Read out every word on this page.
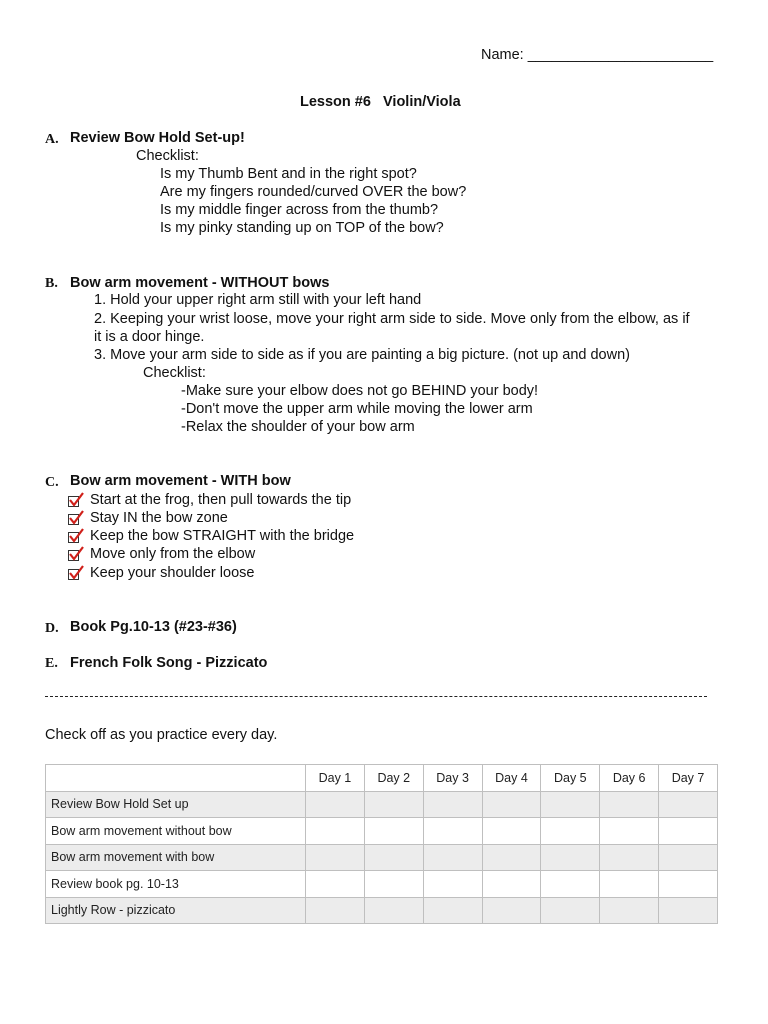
Name: _______________________
Lesson #6   Violin/Viola
A. Review Bow Hold Set-up!
Checklist:
Is my Thumb Bent and in the right spot?
Are my fingers rounded/curved OVER the bow?
Is my middle finger across from the thumb?
Is my pinky standing up on TOP of the bow?
B. Bow arm movement - WITHOUT bows
1. Hold your upper right arm still with your left hand
2. Keeping your wrist loose, move your right arm side to side. Move only from the elbow, as if
it is a door hinge.
3. Move your arm side to side as if you are painting a big picture. (not up and down)
Checklist:
-Make sure your elbow does not go BEHIND your body!
-Don't move the upper arm while moving the lower arm
-Relax the shoulder of your bow arm
C. Bow arm movement - WITH bow
Start at the frog, then pull towards the tip
Stay IN the bow zone
Keep the bow STRAIGHT with the bridge
Move only from the elbow
Keep your shoulder loose
D. Book Pg.10-13 (#23-#36)
E. French Folk Song - Pizzicato
Check off as you practice every day.
	Day 1	Day 2	Day 3	Day 4	Day 5	Day 6	Day 7
Review Bow Hold Set up							
Bow arm movement without bow							
Bow arm movement with bow							
Review book pg. 10-13							
Lightly Row - pizzicato							
